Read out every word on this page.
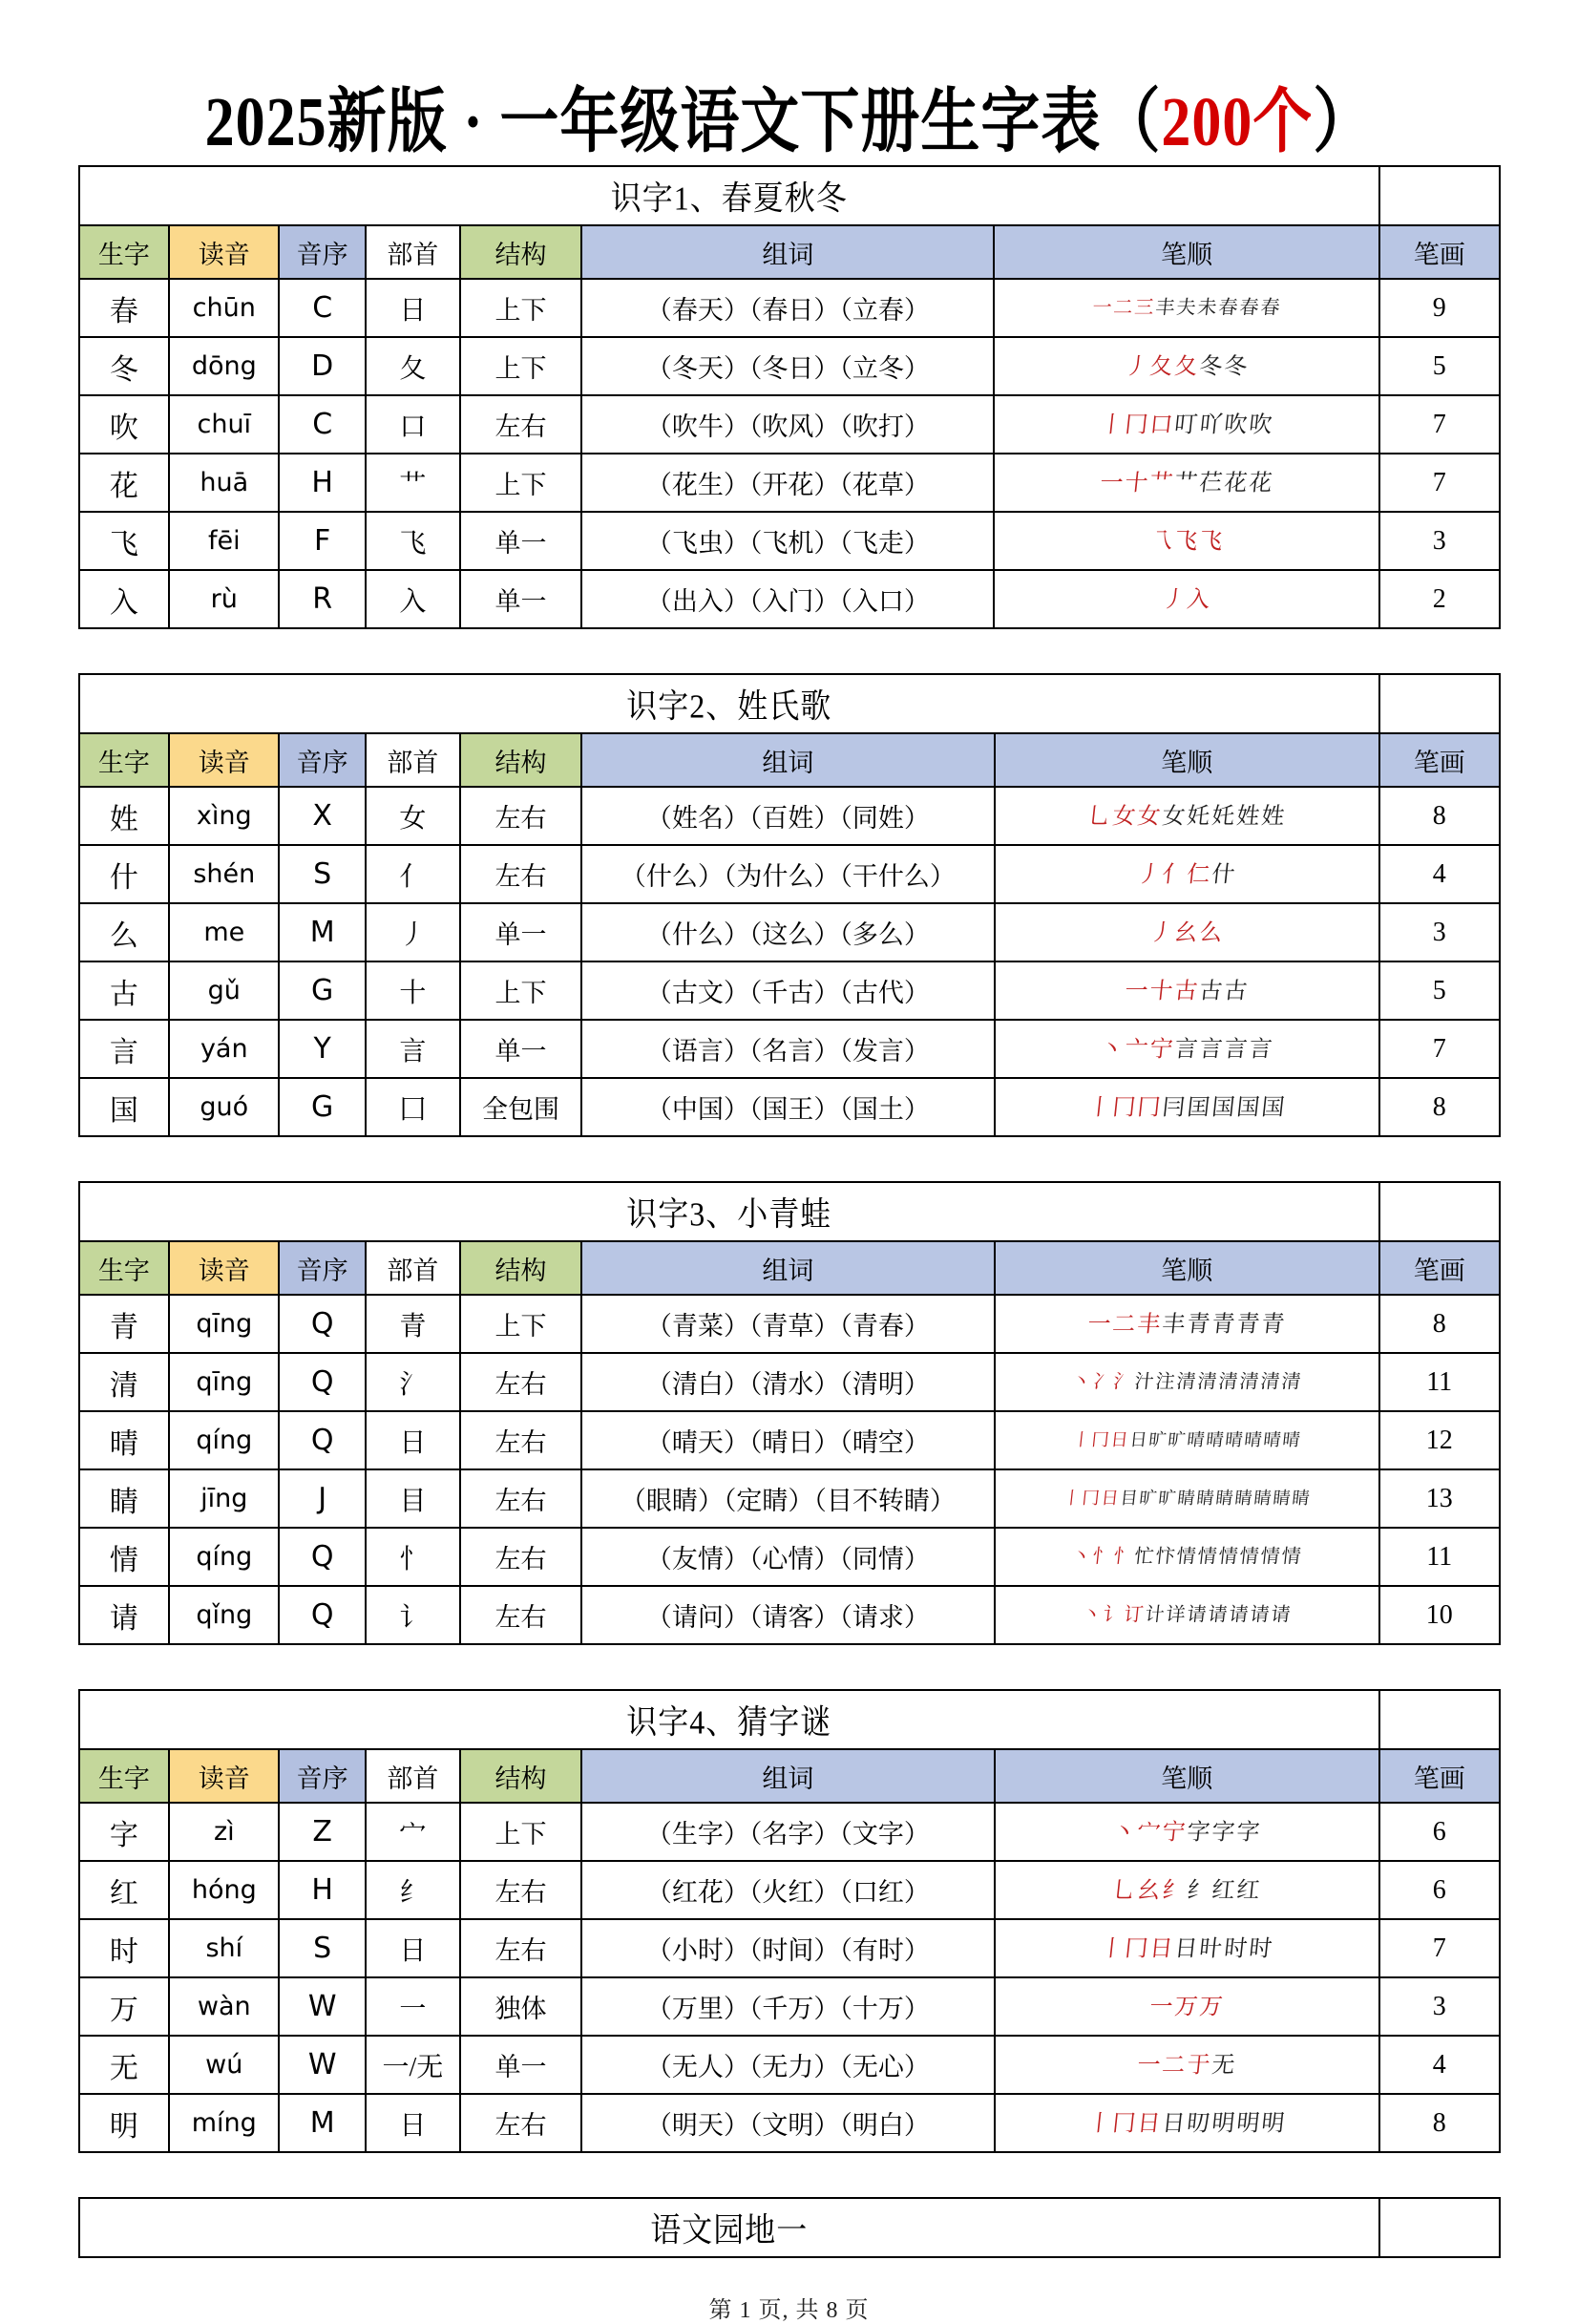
2025新版 · 一年级语文下册生字表（200个）
识字1、春夏秋冬							
生字	读音	音序	部首	结构	组词	笔顺	笔画
春	chūn	C	日	上下	（春天）（春日）（立春）	一二三丰夫未春春春	9
冬	dōng	D	夂	上下	（冬天）（冬日）（立冬）	丿夂夂冬冬	5
吹	chuī	C	口	左右	（吹牛）（吹风）（吹打）	丨冂口叮吖吹吹	7
花	huā	H	艹	上下	（花生）（开花）（花草）	一十艹艹芢花花	7
飞	fēi	F	飞	单一	（飞虫）（飞机）（飞走）	乁飞飞	3
入	rù	R	入	单一	（出入）（入门）（入口）	丿入	2
识字2、姓氏歌							
生字	读音	音序	部首	结构	组词	笔顺	笔画
姓	xìng	X	女	左右	（姓名）（百姓）（同姓）	乚女女女奼奼姓姓	8
什	shén	S	亻	左右	（什么）（为什么）（干什么）	丿亻仁什	4
么	me	M	丿	单一	（什么）（这么）（多么）	丿幺么	3
古	gǔ	G	十	上下	（古文）（千古）（古代）	一十古古古	5
言	yán	Y	言	单一	（语言）（名言）（发言）	丶亠宁言言言言	7
国	guó	G	囗	全包围	（中国）（国王）（国土）	丨冂冂冃囯国国国	8
识字3、小青蛙							
生字	读音	音序	部首	结构	组词	笔顺	笔画
青	qīng	Q	青	上下	（青菜）（青草）（青春）	一二丰丰青青青青	8
清	qīng	Q	氵	左右	（清白）（清水）（清明）	丶冫氵汁注清清清清清清	11
晴	qíng	Q	日	左右	（晴天）（晴日）（晴空）	丨冂日日旷旷晴晴晴晴晴晴	12
睛	jīng	J	目	左右	（眼睛）（定睛）（目不转睛）	丨冂日目旷旷睛睛睛睛睛睛睛	13
情	qíng	Q	忄	左右	（友情）（心情）（同情）	丶忄忄忙忭情情情情情情	11
请	qǐng	Q	讠	左右	（请问）（请客）（请求）	丶讠订计详请请请请请	10
识字4、猜字谜							
生字	读音	音序	部首	结构	组词	笔顺	笔画
字	zì	Z	宀	上下	（生字）（名字）（文字）	丶宀宁字字字	6
红	hóng	H	纟	左右	（红花）（火红）（口红）	乚幺纟纟红红	6
时	shí	S	日	左右	（小时）（时间）（有时）	丨冂日日旪时时	7
万	wàn	W	一	独体	（万里）（千万）（十万）	一万万	3
无	wú	W	一/无	单一	（无人）（无力）（无心）	一二于无	4
明	míng	M	日	左右	（明天）（文明）（明白）	丨冂日日旫明明明	8
语文园地一	
第 1 页, 共 8 页
